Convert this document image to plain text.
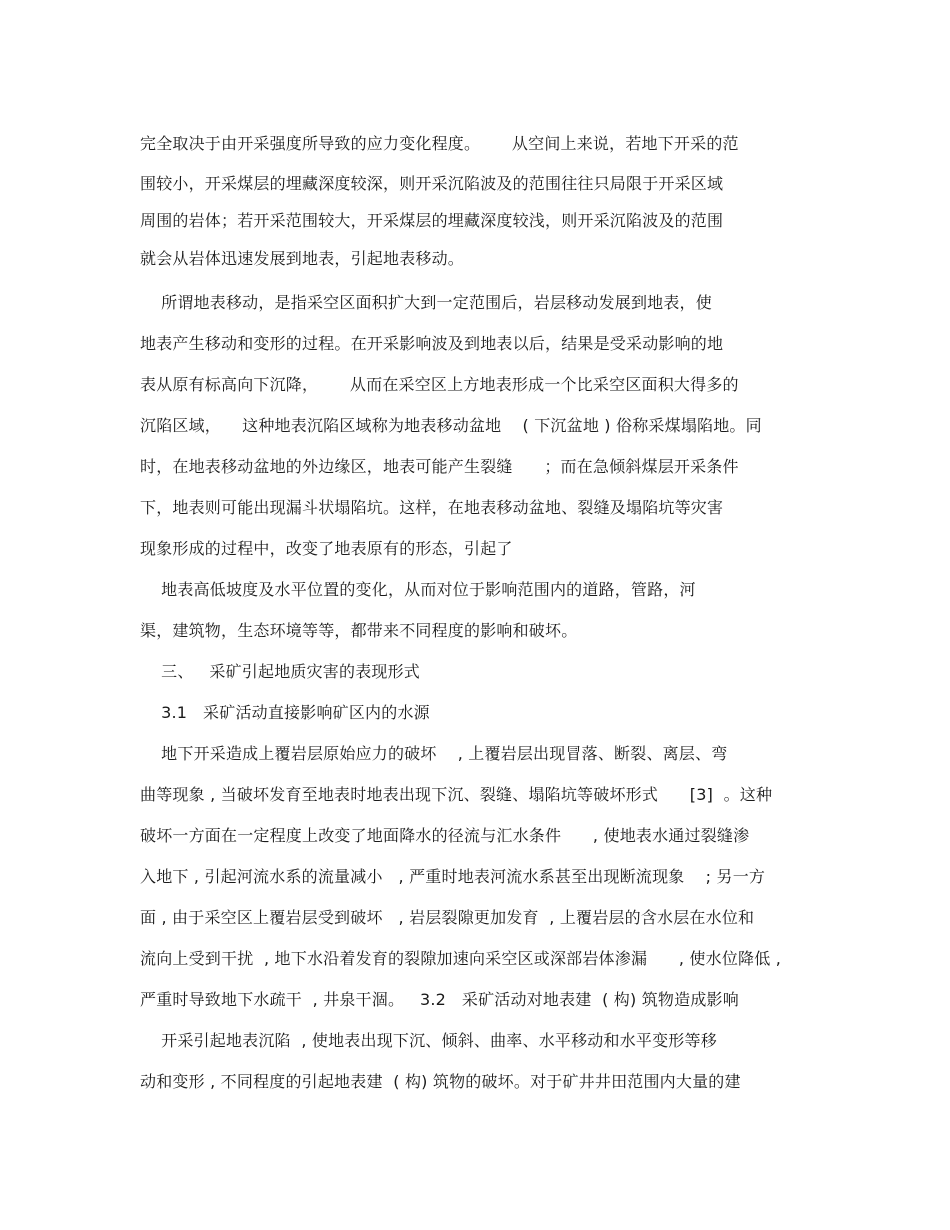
完全取决于由开采强度所导致的应力变化程度。      从空间上来说，若地下开采的范
围较小，开采煤层的埋藏深度较深，则开采沉陷波及的范围往往只局限于开采区域
周围的岩体；若开采范围较大，开采煤层的埋藏深度较浅，则开采沉陷波及的范围
就会从岩体迅速发展到地表，引起地表移动。
所谓地表移动，是指采空区面积扩大到一定范围后，岩层移动发展到地表，使
地表产生移动和变形的过程。在开采影响波及到地表以后，结果是受采动影响的地
表从原有标高向下沉降，      从而在采空区上方地表形成一个比采空区面积大得多的
沉陷区域，    这种地表沉陷区域称为地表移动盆地    ( 下沉盆地 ) 俗称采煤塌陷地。同
时，在地表移动盆地的外边缘区，地表可能产生裂缝      ；而在急倾斜煤层开采条件
下，地表则可能出现漏斗状塌陷坑。这样，在地表移动盆地、裂缝及塌陷坑等灾害
现象形成的过程中，改变了地表原有的形态，引起了
地表高低坡度及水平位置的变化，从而对位于影响范围内的道路，管路，河
渠，建筑物，生态环境等等，都带来不同程度的影响和破坏。
三、   采矿引起地质灾害的表现形式
3.1   采矿活动直接影响矿区内的水源
地下开采造成上覆岩层原始应力的破坏    , 上覆岩层出现冒落、断裂、离层、弯
曲等现象 , 当破坏发育至地表时地表出现下沉、裂缝、塌陷坑等破坏形式      [3]  。这种
破坏一方面在一定程度上改变了地面降水的径流与汇水条件      , 使地表水通过裂缝渗
入地下 , 引起河流水系的流量减小   , 严重时地表河流水系甚至出现断流现象    ; 另一方
面 , 由于采空区上覆岩层受到破坏   , 岩层裂隙更加发育  , 上覆岩层的含水层在水位和
流向上受到干扰  , 地下水沿着发育的裂隙加速向采空区或深部岩体渗漏      , 使水位降低 ,
严重时导致地下水疏干  , 井泉干涸。   3.2   采矿活动对地表建  ( 构) 筑物造成影响
开采引起地表沉陷  , 使地表出现下沉、倾斜、曲率、水平移动和水平变形等移
动和变形 , 不同程度的引起地表建  ( 构) 筑物的破坏。对于矿井井田范围内大量的建
